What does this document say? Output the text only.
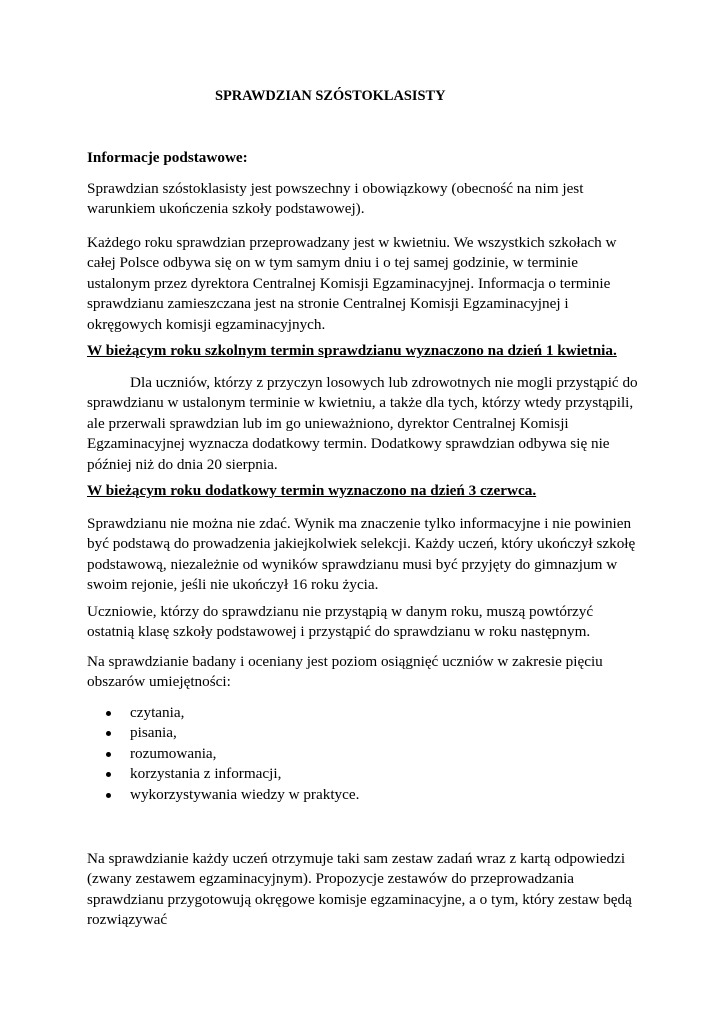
SPRAWDZIAN SZÓSTOKLASISTY
Informacje podstawowe:
Sprawdzian szóstoklasisty jest powszechny i obowiązkowy (obecność na nim jest warunkiem ukończenia szkoły podstawowej).
Każdego roku sprawdzian przeprowadzany jest w kwietniu. We wszystkich szkołach w całej Polsce odbywa się on w tym samym dniu i o tej samej godzinie, w terminie ustalonym przez dyrektora Centralnej Komisji Egzaminacyjnej. Informacja o terminie sprawdzianu zamieszczana jest na stronie Centralnej Komisji Egzaminacyjnej i okręgowych komisji egzaminacyjnych.
W bieżącym roku szkolnym termin sprawdzianu wyznaczono na dzień 1 kwietnia.
Dla uczniów, którzy z przyczyn losowych lub zdrowotnych nie mogli przystąpić do sprawdzianu w ustalonym terminie w kwietniu, a także dla tych, którzy wtedy przystąpili, ale przerwali sprawdzian lub im go unieważniono, dyrektor Centralnej Komisji Egzaminacyjnej wyznacza dodatkowy termin. Dodatkowy sprawdzian odbywa się nie później niż do dnia 20 sierpnia.
W bieżącym roku dodatkowy termin wyznaczono na dzień 3 czerwca.
Sprawdzianu nie można nie zdać. Wynik ma znaczenie tylko informacyjne i nie powinien być podstawą do prowadzenia jakiejkolwiek selekcji. Każdy uczeń, który ukończył szkołę podstawową, niezależnie od wyników sprawdzianu musi być przyjęty do gimnazjum w swoim rejonie, jeśli nie ukończył 16 roku życia.
Uczniowie, którzy do sprawdzianu nie przystąpią w danym roku, muszą powtórzyć ostatnią klasę szkoły podstawowej i przystąpić do sprawdzianu w roku następnym.
Na sprawdzianie badany i oceniany jest poziom osiągnięć uczniów w zakresie pięciu obszarów umiejętności:
czytania,
pisania,
rozumowania,
korzystania z informacji,
wykorzystywania wiedzy w praktyce.
Na sprawdzianie każdy uczeń otrzymuje taki sam zestaw zadań wraz z kartą odpowiedzi (zwany zestawem egzaminacyjnym). Propozycje zestawów do przeprowadzania sprawdzianu przygotowują okręgowe komisje egzaminacyjne, a o tym, który zestaw będą rozwiązywać
